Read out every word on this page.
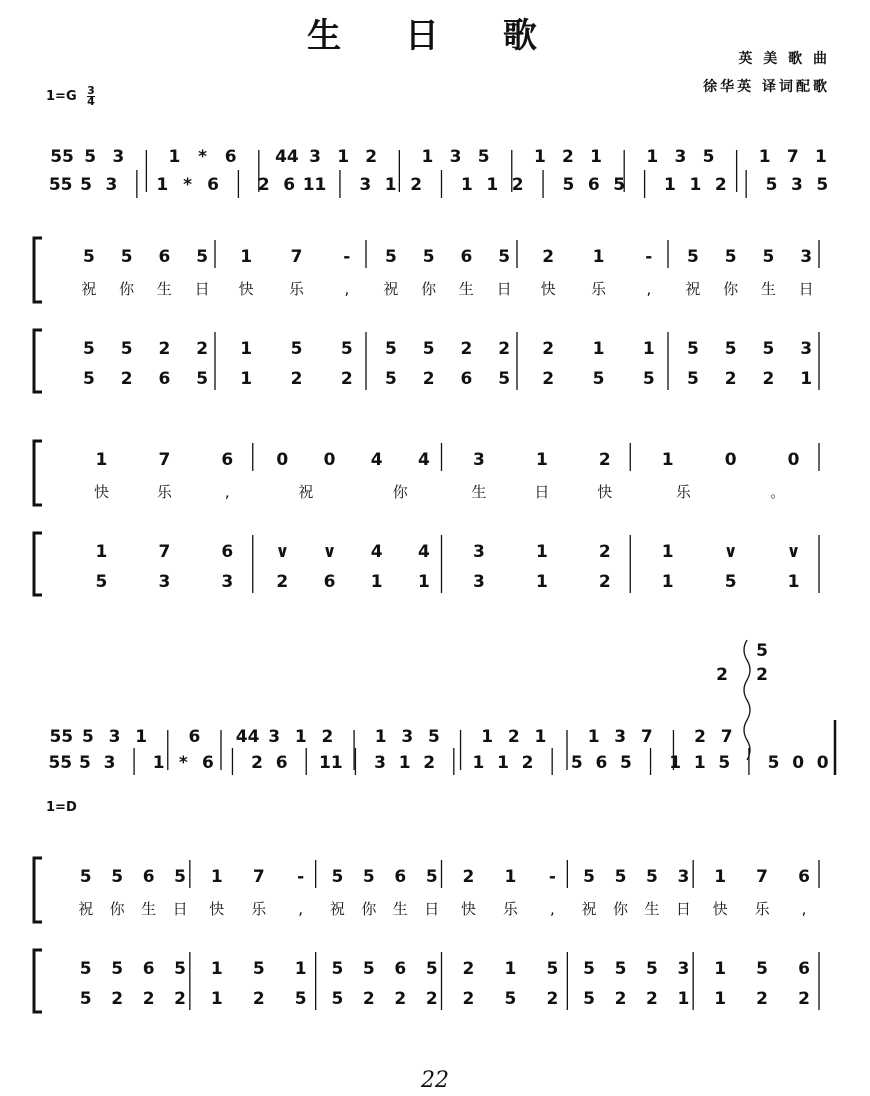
生 日 歌
英 美 歌 曲
徐华英 译词配歌
$1=G \frac{3}{4}$
1=D
55 5 3	1 * 6 44 3 1 2	1 3 5	1 2 1	1 3 5	1 7 1
55 5 3 1 * 6 2 6 11 3 1 2 1 1 2 5 6 5 1 1 2 5 3 5
5 5 6 5 1 7 - 5 5 6 5 2 1 - 5 5 5 3
祝 你 生 日 快 乐	, 祝 你 生 日 快 乐	, 祝 你 生 日
5 5 2 2 1 5 5 5 5 2 2 2 1 1 5 5 5 3
5 2 6 5 1 2 2 5 2 6 5 2 5 5 5 2 2 1
1	7	6	0 0 4 4	3	1	2	1	0	0
快	乐	,	祝	你	生	日	快	乐	。
1	7	6 ∨ ∨ 4 4	3	1	2	1	∨	∨
5	3	3	2 6 1 1	3	1	2	1	5	1
55 5 3 1 6 44 3 1 2 1 3 5 1 2 1 1 3 7 2 7
55 5 3 1 * 6 2 6 11 3 1 2 1 1 2 5 6 5 1 1 5 5 0 0
5
2 2
5 5 6 5 1 7 - 5 5 6 5 2 1 - 5 5 5 3 1 7 6
祝 你 生 日 快 乐 , 祝 你 生 日 快 乐 , 祝 你 生 日 快 乐 ,
5 5 6 5 1 5 1 5 5 6 5 2 1 5 5 5 5 3 1 5 6
5 2 2 2 1 2 5 5 2 2 2 2 5 2 5 2 2 1 1 2 2
22
